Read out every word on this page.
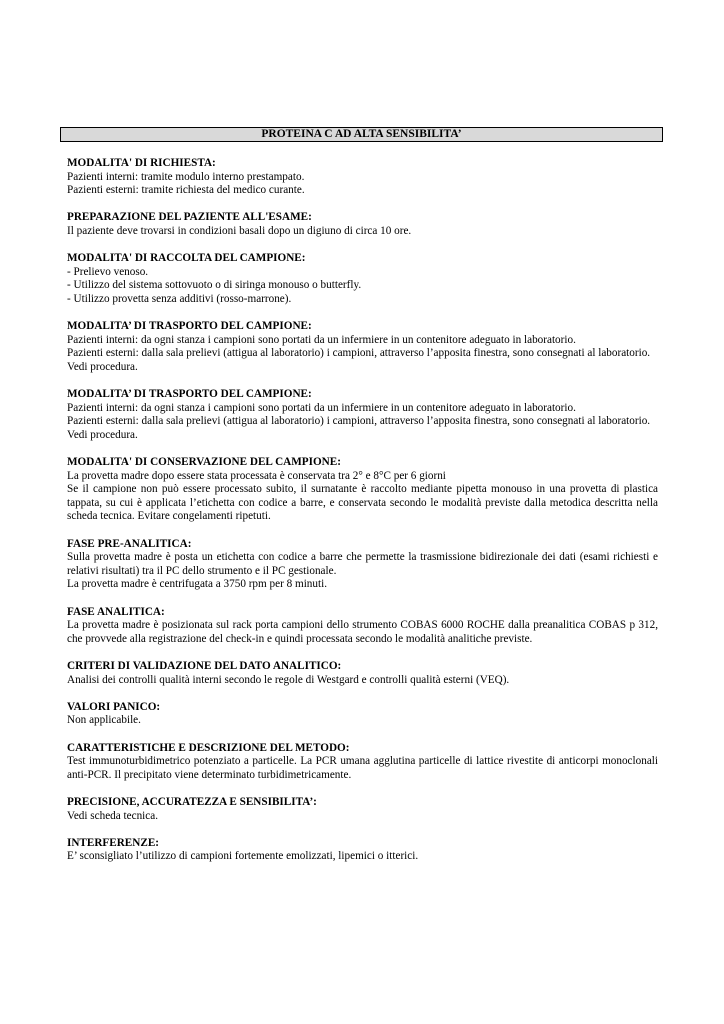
PROTEINA C AD ALTA SENSIBILITA’
MODALITA' DI RICHIESTA:
Pazienti interni: tramite modulo interno prestampato.
Pazienti esterni: tramite richiesta del medico curante.
PREPARAZIONE DEL PAZIENTE ALL'ESAME:
Il paziente deve trovarsi in condizioni basali dopo un digiuno di circa 10 ore.
MODALITA' DI RACCOLTA DEL CAMPIONE:
- Prelievo venoso.
- Utilizzo del sistema sottovuoto o di siringa monouso o butterfly.
- Utilizzo provetta senza additivi (rosso-marrone).
MODALITA’ DI TRASPORTO DEL CAMPIONE:
Pazienti interni: da ogni stanza i campioni sono portati da un infermiere in un contenitore adeguato in laboratorio.
Pazienti esterni: dalla sala prelievi (attigua al laboratorio) i campioni, attraverso l’apposita finestra, sono consegnati al laboratorio.
Vedi procedura.
MODALITA’ DI TRASPORTO DEL CAMPIONE:
Pazienti interni: da ogni stanza i campioni sono portati da un infermiere in un contenitore adeguato in laboratorio.
Pazienti esterni: dalla sala prelievi (attigua al laboratorio) i campioni, attraverso l’apposita finestra, sono consegnati al laboratorio.
Vedi procedura.
MODALITA' DI CONSERVAZIONE DEL CAMPIONE:
La provetta madre dopo essere stata processata è conservata tra 2° e 8°C per 6 giorni
Se il campione non può essere processato subito, il surnatante è raccolto mediante pipetta monouso in una provetta di plastica tappata, su cui è applicata l’etichetta con codice a barre, e conservata secondo le modalità previste dalla metodica descritta nella scheda tecnica. Evitare congelamenti ripetuti.
FASE PRE-ANALITICA:
Sulla provetta madre è posta un etichetta con codice a barre che permette la trasmissione bidirezionale dei dati (esami richiesti e relativi risultati) tra il PC dello strumento e il PC gestionale.
La provetta madre è centrifugata a 3750 rpm per 8 minuti.
FASE ANALITICA:
La provetta madre è posizionata sul rack porta campioni dello strumento COBAS 6000 ROCHE dalla preanalitica COBAS p 312, che provvede alla registrazione del check-in e quindi processata secondo le modalità analitiche previste.
CRITERI DI VALIDAZIONE DEL DATO ANALITICO:
Analisi dei controlli qualità interni secondo le regole di Westgard e controlli qualità esterni (VEQ).
VALORI PANICO:
Non applicabile.
CARATTERISTICHE E DESCRIZIONE DEL METODO:
Test immunoturbidimetrico potenziato a particelle. La PCR umana agglutina particelle di lattice rivestite di anticorpi monoclonali anti-PCR. Il precipitato viene determinato turbidimetricamente.
PRECISIONE, ACCURATEZZA E SENSIBILITA’:
Vedi scheda tecnica.
INTERFERENZE:
E’ sconsigliato l’utilizzo di campioni fortemente emolizzati, lipemici o itterici.
